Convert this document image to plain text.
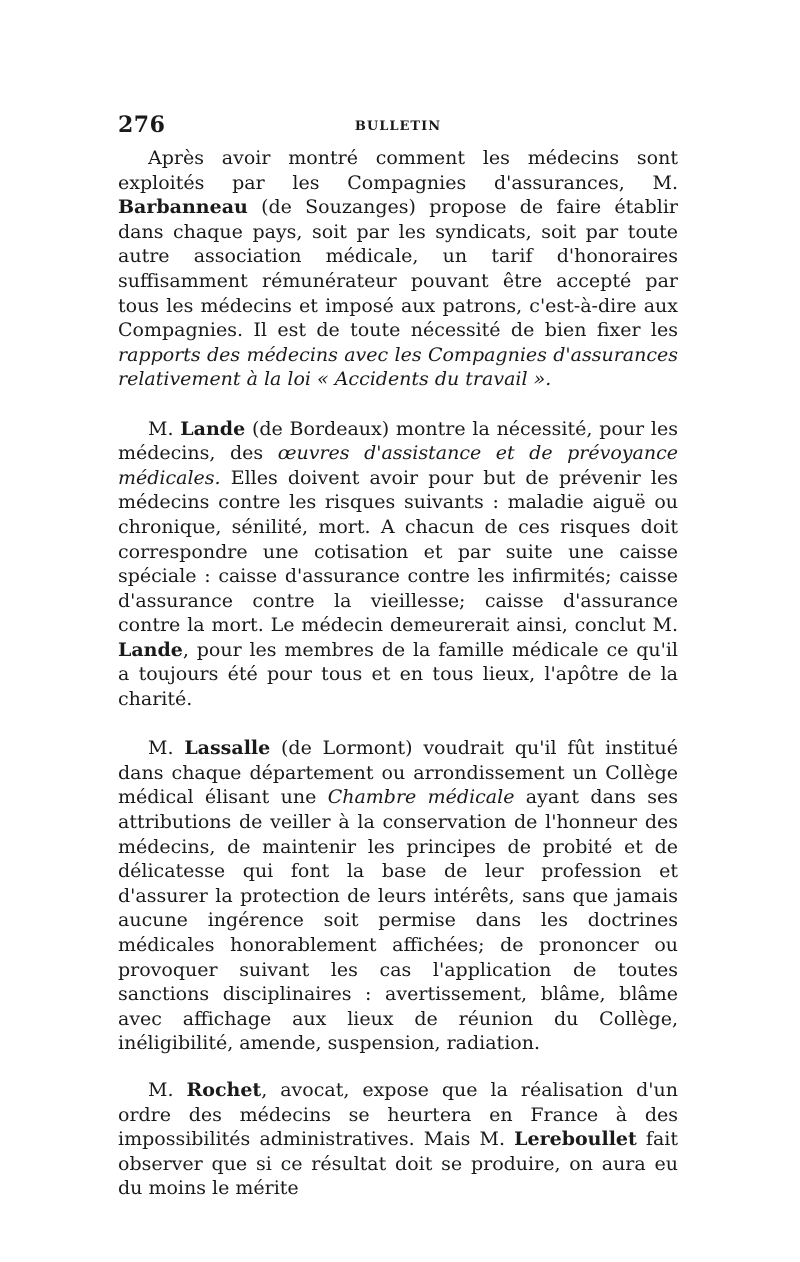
276	BULLETIN

Après avoir montré comment les médecins sont exploités par les Compagnies d'assurances, M. Barbanneau (de Souzanges) propose de faire établir dans chaque pays, soit par les syndicats, soit par toute autre association médicale, un tarif d'honoraires suffisamment rémunérateur pouvant être accepté par tous les médecins et imposé aux patrons, c'est-à-dire aux Compagnies. Il est de toute nécessité de bien fixer les rapports des médecins avec les Compagnies d'assurances relativement à la loi « Accidents du travail ».

M. Lande (de Bordeaux) montre la nécessité, pour les médecins, des œuvres d'assistance et de prévoyance médicales. Elles doivent avoir pour but de prévenir les médecins contre les risques suivants : maladie aiguë ou chronique, sénilité, mort. A chacun de ces risques doit correspondre une cotisation et par suite une caisse spéciale : caisse d'assurance contre les infirmités; caisse d'assurance contre la vieillesse; caisse d'assurance contre la mort. Le médecin demeurerait ainsi, conclut M. Lande, pour les membres de la famille médicale ce qu'il a toujours été pour tous et en tous lieux, l'apôtre de la charité.

M. Lassalle (de Lormont) voudrait qu'il fût institué dans chaque département ou arrondissement un Collège médical élisant une Chambre médicale ayant dans ses attributions de veiller à la conservation de l'honneur des médecins, de maintenir les principes de probité et de délicatesse qui font la base de leur profession et d'assurer la protection de leurs intérêts, sans que jamais aucune ingérence soit permise dans les doctrines médicales honorablement affichées; de prononcer ou provoquer suivant les cas l'application de toutes sanctions disciplinaires : avertissement, blâme, blâme avec affichage aux lieux de réunion du Collège, inéligibilité, amende, suspension, radiation.

M. Rochet, avocat, expose que la réalisation d'un ordre des médecins se heurtera en France à des impossibilités administratives. Mais M. Lereboullet fait observer que si ce résultat doit se produire, on aura eu du moins le mérite
